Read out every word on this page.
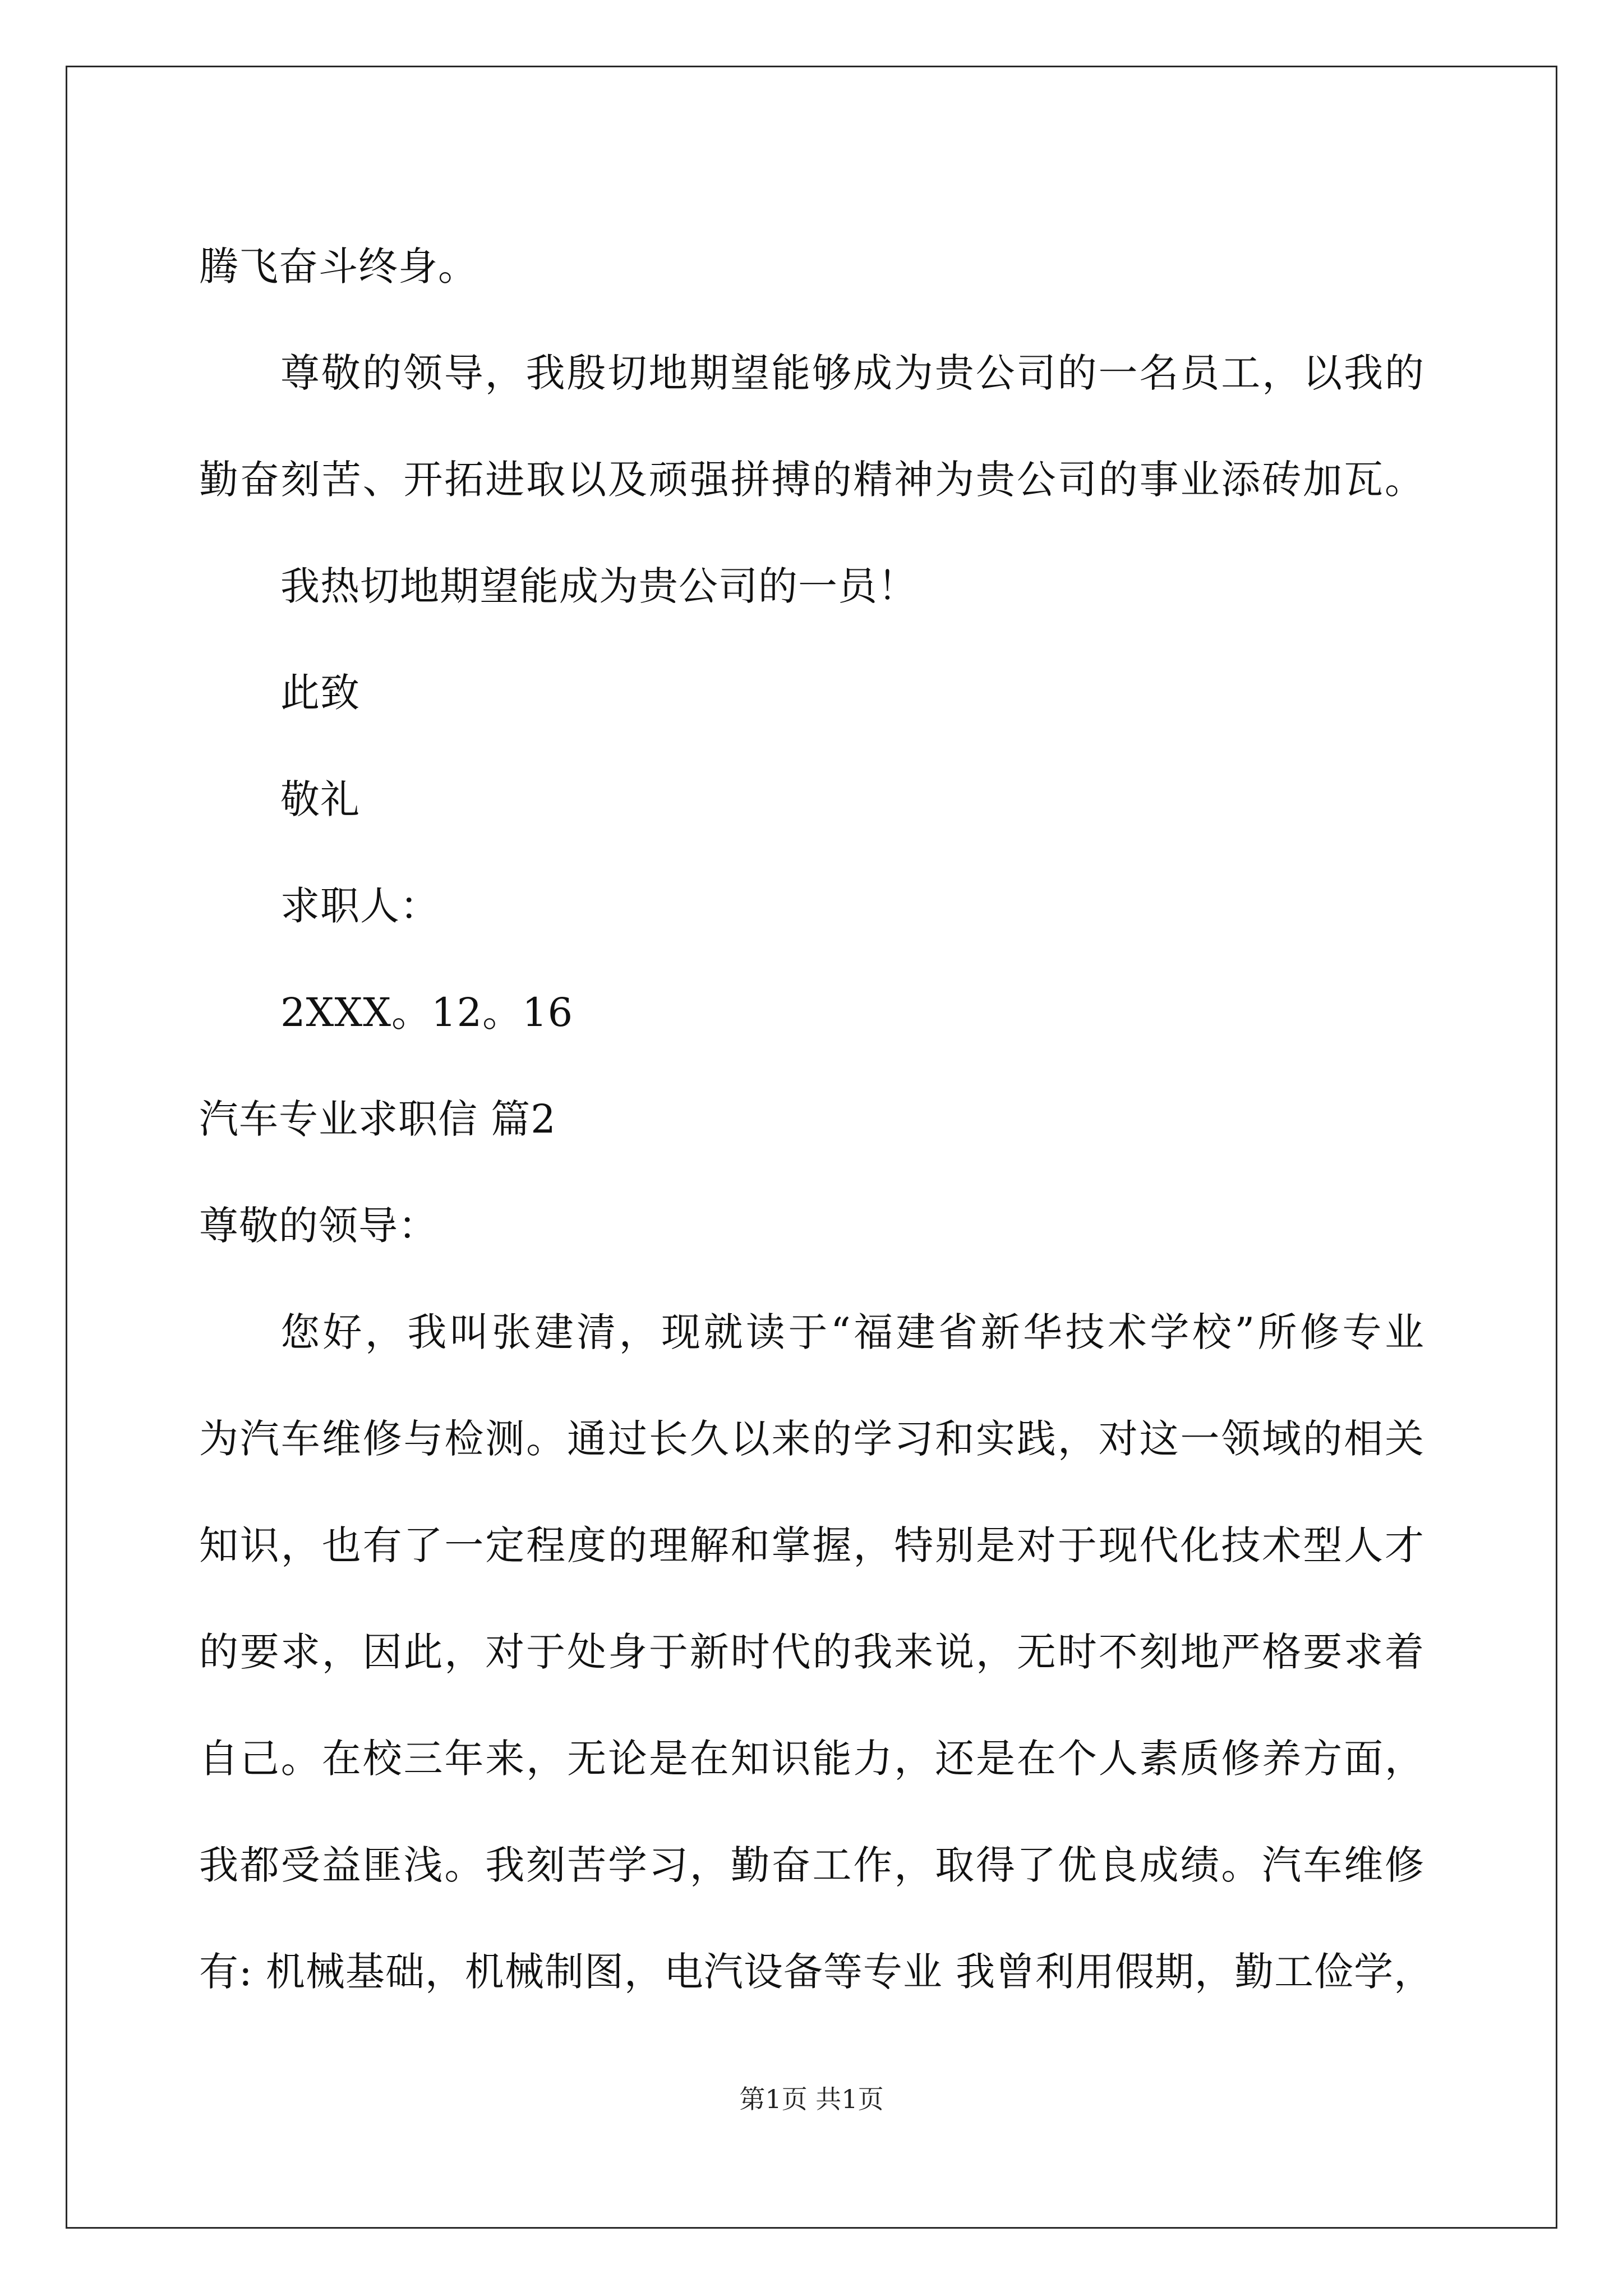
腾飞奋斗终身。
尊敬的领导，我殷切地期望能够成为贵公司的一名员工，以我的
勤奋刻苦、开拓进取以及顽强拼搏的精神为贵公司的事业添砖加瓦。
我热切地期望能成为贵公司的一员！
此致
敬礼
求职人：
2XXX。12。16
汽车专业求职信 篇2
尊敬的领导：
您好，我叫张建清，现就读于“福建省新华技术学校”所修专业
为汽车维修与检测。通过长久以来的学习和实践，对这一领域的相关
知识，也有了一定程度的理解和掌握，特别是对于现代化技术型人才
的要求，因此，对于处身于新时代的我来说，无时不刻地严格要求着
自己。在校三年来，无论是在知识能力，还是在个人素质修养方面，
我都受益匪浅。我刻苦学习，勤奋工作，取得了优良成绩。汽车维修
有: 机械基础，机械制图，电汽设备等专业 我曾利用假期，勤工俭学，
第1页 共1页
